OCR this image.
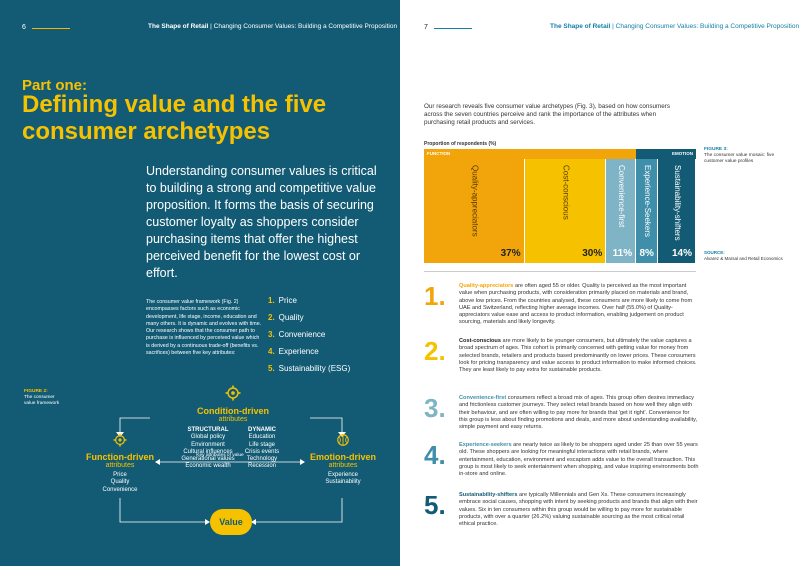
6	The Shape of Retail | Changing Consumer Values: Building a Competitive Proposition
Part one:
Defining value and the five consumer archetypes
Understanding consumer values is critical to building a strong and competitive value proposition. It forms the basis of securing customer loyalty as shoppers consider purchasing items that offer the highest perceived benefit for the lowest cost or effort.
The consumer value framework (Fig. 2) encompasses factors such as economic development, life stage, income, education and many others. It is dynamic and evolves with time. Our research shows that the consumer path to purchase is influenced by perceived value which is derived by a continuous trade-off (benefits vs. sacrifices) between five key attributes:
1. Price
2. Quality
3. Convenience
4. Experience
5. Sustainability (ESG)
FIGURE 2:
The consumer value framework
Condition-driven
attributes
STRUCTURAL
Global policy
Environment
Cultural influences
Generational values
Economic wealth
DYNAMIC
Education
Life stage
Crisis events
Technology
Recession
Function-driven
attributes
Price
Quality
Convenience
Emotion-driven
attributes
Experience
Sustainability
Key attributes of value
Value
7	The Shape of Retail | Changing Consumer Values: Building a Competitive Proposition
Our research reveals five consumer value archetypes (Fig. 3), based on how consumers across the seven countries perceive and rank the importance of the attributes when purchasing retail products and services.
Proportion of respondents (%)
FUNCTION	EMOTION
Quality-appreciators
37%
Cost-conscious
30%
Convenience-first
11%
Experience-Seekers
8%
Sustainability-shifters
14%
FIGURE 3:
The consumer value mosaic: five customer value profiles
SOURCE:
Alvarez & Marsal and Retail Economics
1. Quality-appreciators are often aged 55 or older. Quality is perceived as the most important value when purchasing products, with consideration primarily placed on materials and brand, above low prices. From the countries analysed, these consumers are more likely to come from UAE and Switzerland, reflecting higher average incomes. Over half (55.0%) of Quality-appreciators value ease and access to product information, enabling judgement on product sourcing, materials and likely longevity.
2. Cost-conscious are more likely to be younger consumers, but ultimately the value captures a broad spectrum of ages. This cohort is primarily concerned with getting value for money from selected brands, retailers and products based predominantly on lower prices. These consumers look for pricing transparency and value access to product information to make informed choices. They are least likely to pay extra for sustainable products.
3. Convenience-first consumers reflect a broad mix of ages. This group often desires immediacy and frictionless customer journeys. They select retail brands based on how well they align with their behaviour, and are often willing to pay more for brands that 'get it right'. Convenience for this group is less about finding promotions and deals, and more about understanding availability, simple payment and easy returns.
4. Experience-seekers are nearly twice as likely to be shoppers aged under 25 than over 55 years old. These shoppers are looking for meaningful interactions with retail brands, where entertainment, education, environment and escapism adds value to the overall transaction. This group is most likely to seek entertainment when shopping, and value inspiring environments both in-store and online.
5. Sustainability-shifters are typically Millennials and Gen Xs. These consumers increasingly embrace social causes, shopping with intent by seeking products and brands that align with their values. Six in ten consumers within this group would be willing to pay more for sustainable products, with over a quarter (26.2%) valuing sustainable sourcing as the most critical retail ethical practice.
